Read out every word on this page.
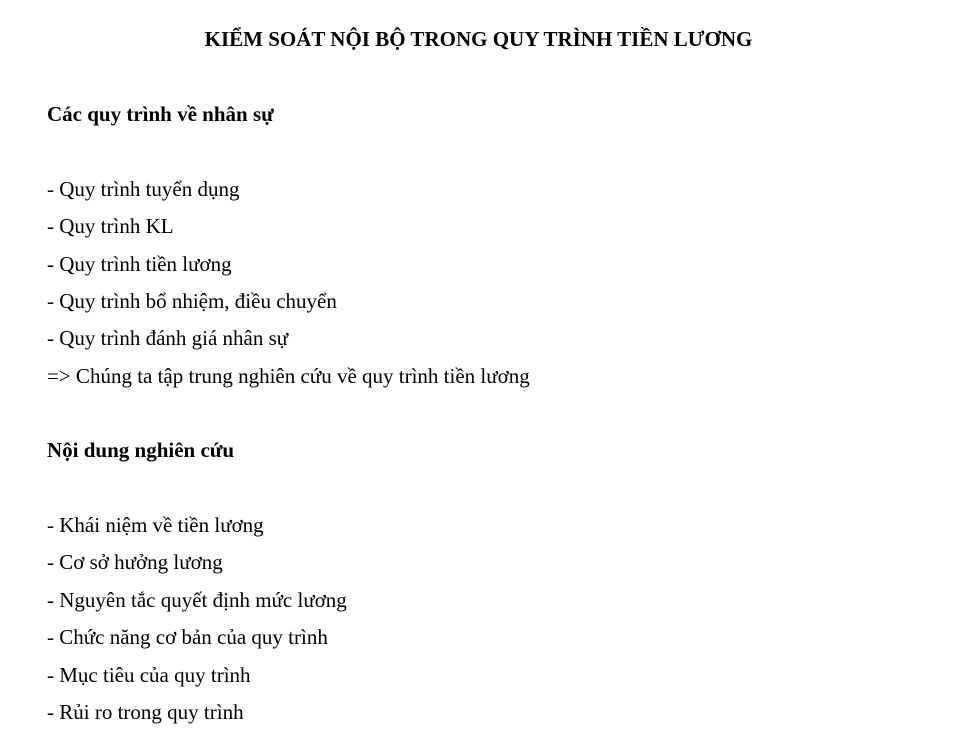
KIỂM SOÁT NỘI BỘ TRONG QUY TRÌNH TIỀN LƯƠNG
Các quy trình về nhân sự
- Quy trình tuyển dụng
- Quy trình KL
- Quy trình tiền lương
- Quy trình bổ nhiệm, điều chuyển
- Quy trình đánh giá nhân sự
=> Chúng ta tập trung nghiên cứu về quy trình tiền lương
Nội dung nghiên cứu
- Khái niệm về tiền lương
- Cơ sở hưởng lương
- Nguyên tắc quyết định mức lương
- Chức năng cơ bản của quy trình
- Mục tiêu của quy trình
- Rủi ro trong quy trình
